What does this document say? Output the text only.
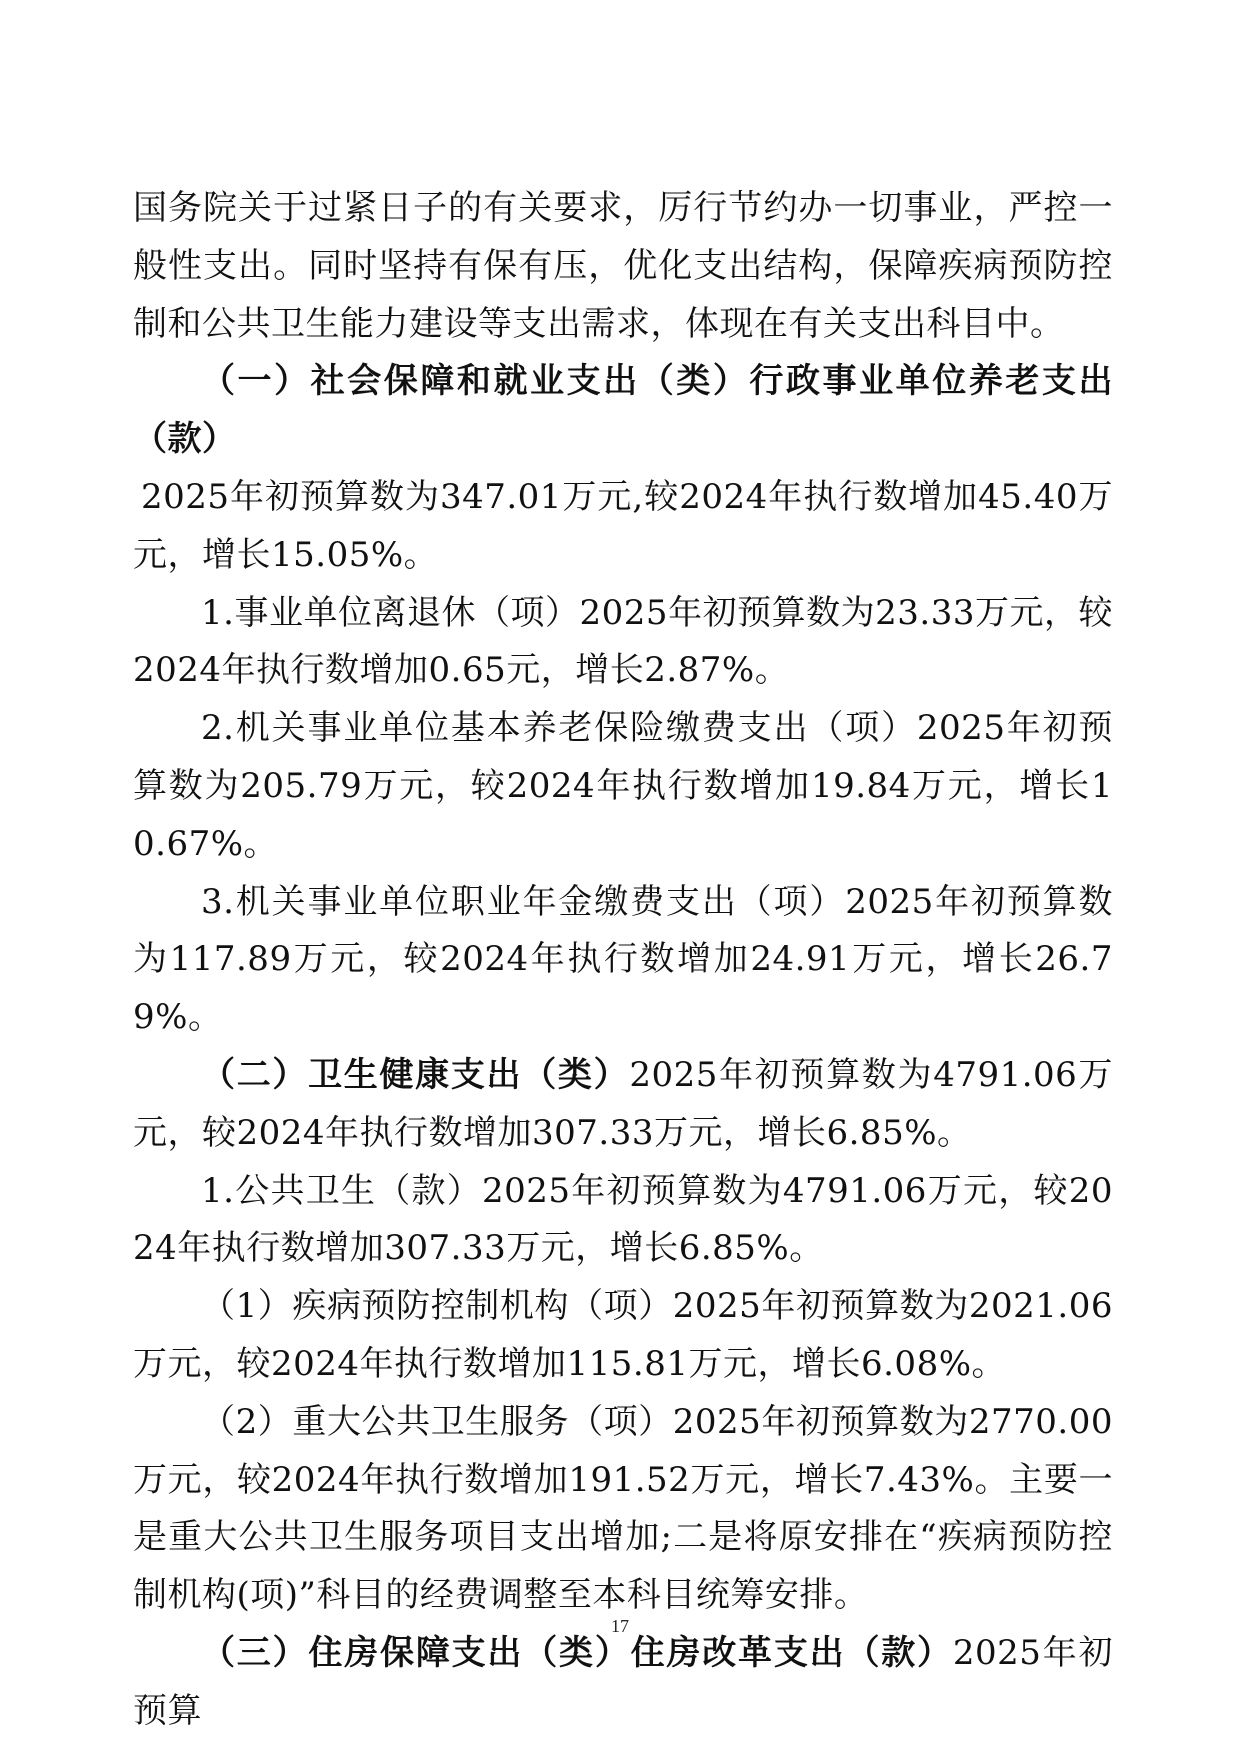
国务院关于过紧日子的有关要求，厉行节约办一切事业，严控一般性支出。同时坚持有保有压，优化支出结构，保障疾病预防控制和公共卫生能力建设等支出需求，体现在有关支出科目中。

（一）社会保障和就业支出（类）行政事业单位养老支出（款）

2025年初预算数为347.01万元,较2024年执行数增加45.40万元，增长15.05%。

1.事业单位离退休（项）2025年初预算数为23.33万元，较2024年执行数增加0.65元，增长2.87%。

2.机关事业单位基本养老保险缴费支出（项）2025年初预算数为205.79万元，较2024年执行数增加19.84万元，增长10.67%。

3.机关事业单位职业年金缴费支出（项）2025年初预算数为117.89万元，较2024年执行数增加24.91万元，增长26.79%。

（二）卫生健康支出（类）2025年初预算数为4791.06万元，较2024年执行数增加307.33万元，增长6.85%。

1.公共卫生（款）2025年初预算数为4791.06万元，较2024年执行数增加307.33万元，增长6.85%。

（1）疾病预防控制机构（项）2025年初预算数为2021.06万元，较2024年执行数增加115.81万元，增长6.08%。

（2）重大公共卫生服务（项）2025年初预算数为2770.00万元，较2024年执行数增加191.52万元，增长7.43%。主要一是重大公共卫生服务项目支出增加;二是将原安排在“疾病预防控制机构(项)”科目的经费调整至本科目统筹安排。

（三）住房保障支出（类）住房改革支出（款）2025年初预算

17
